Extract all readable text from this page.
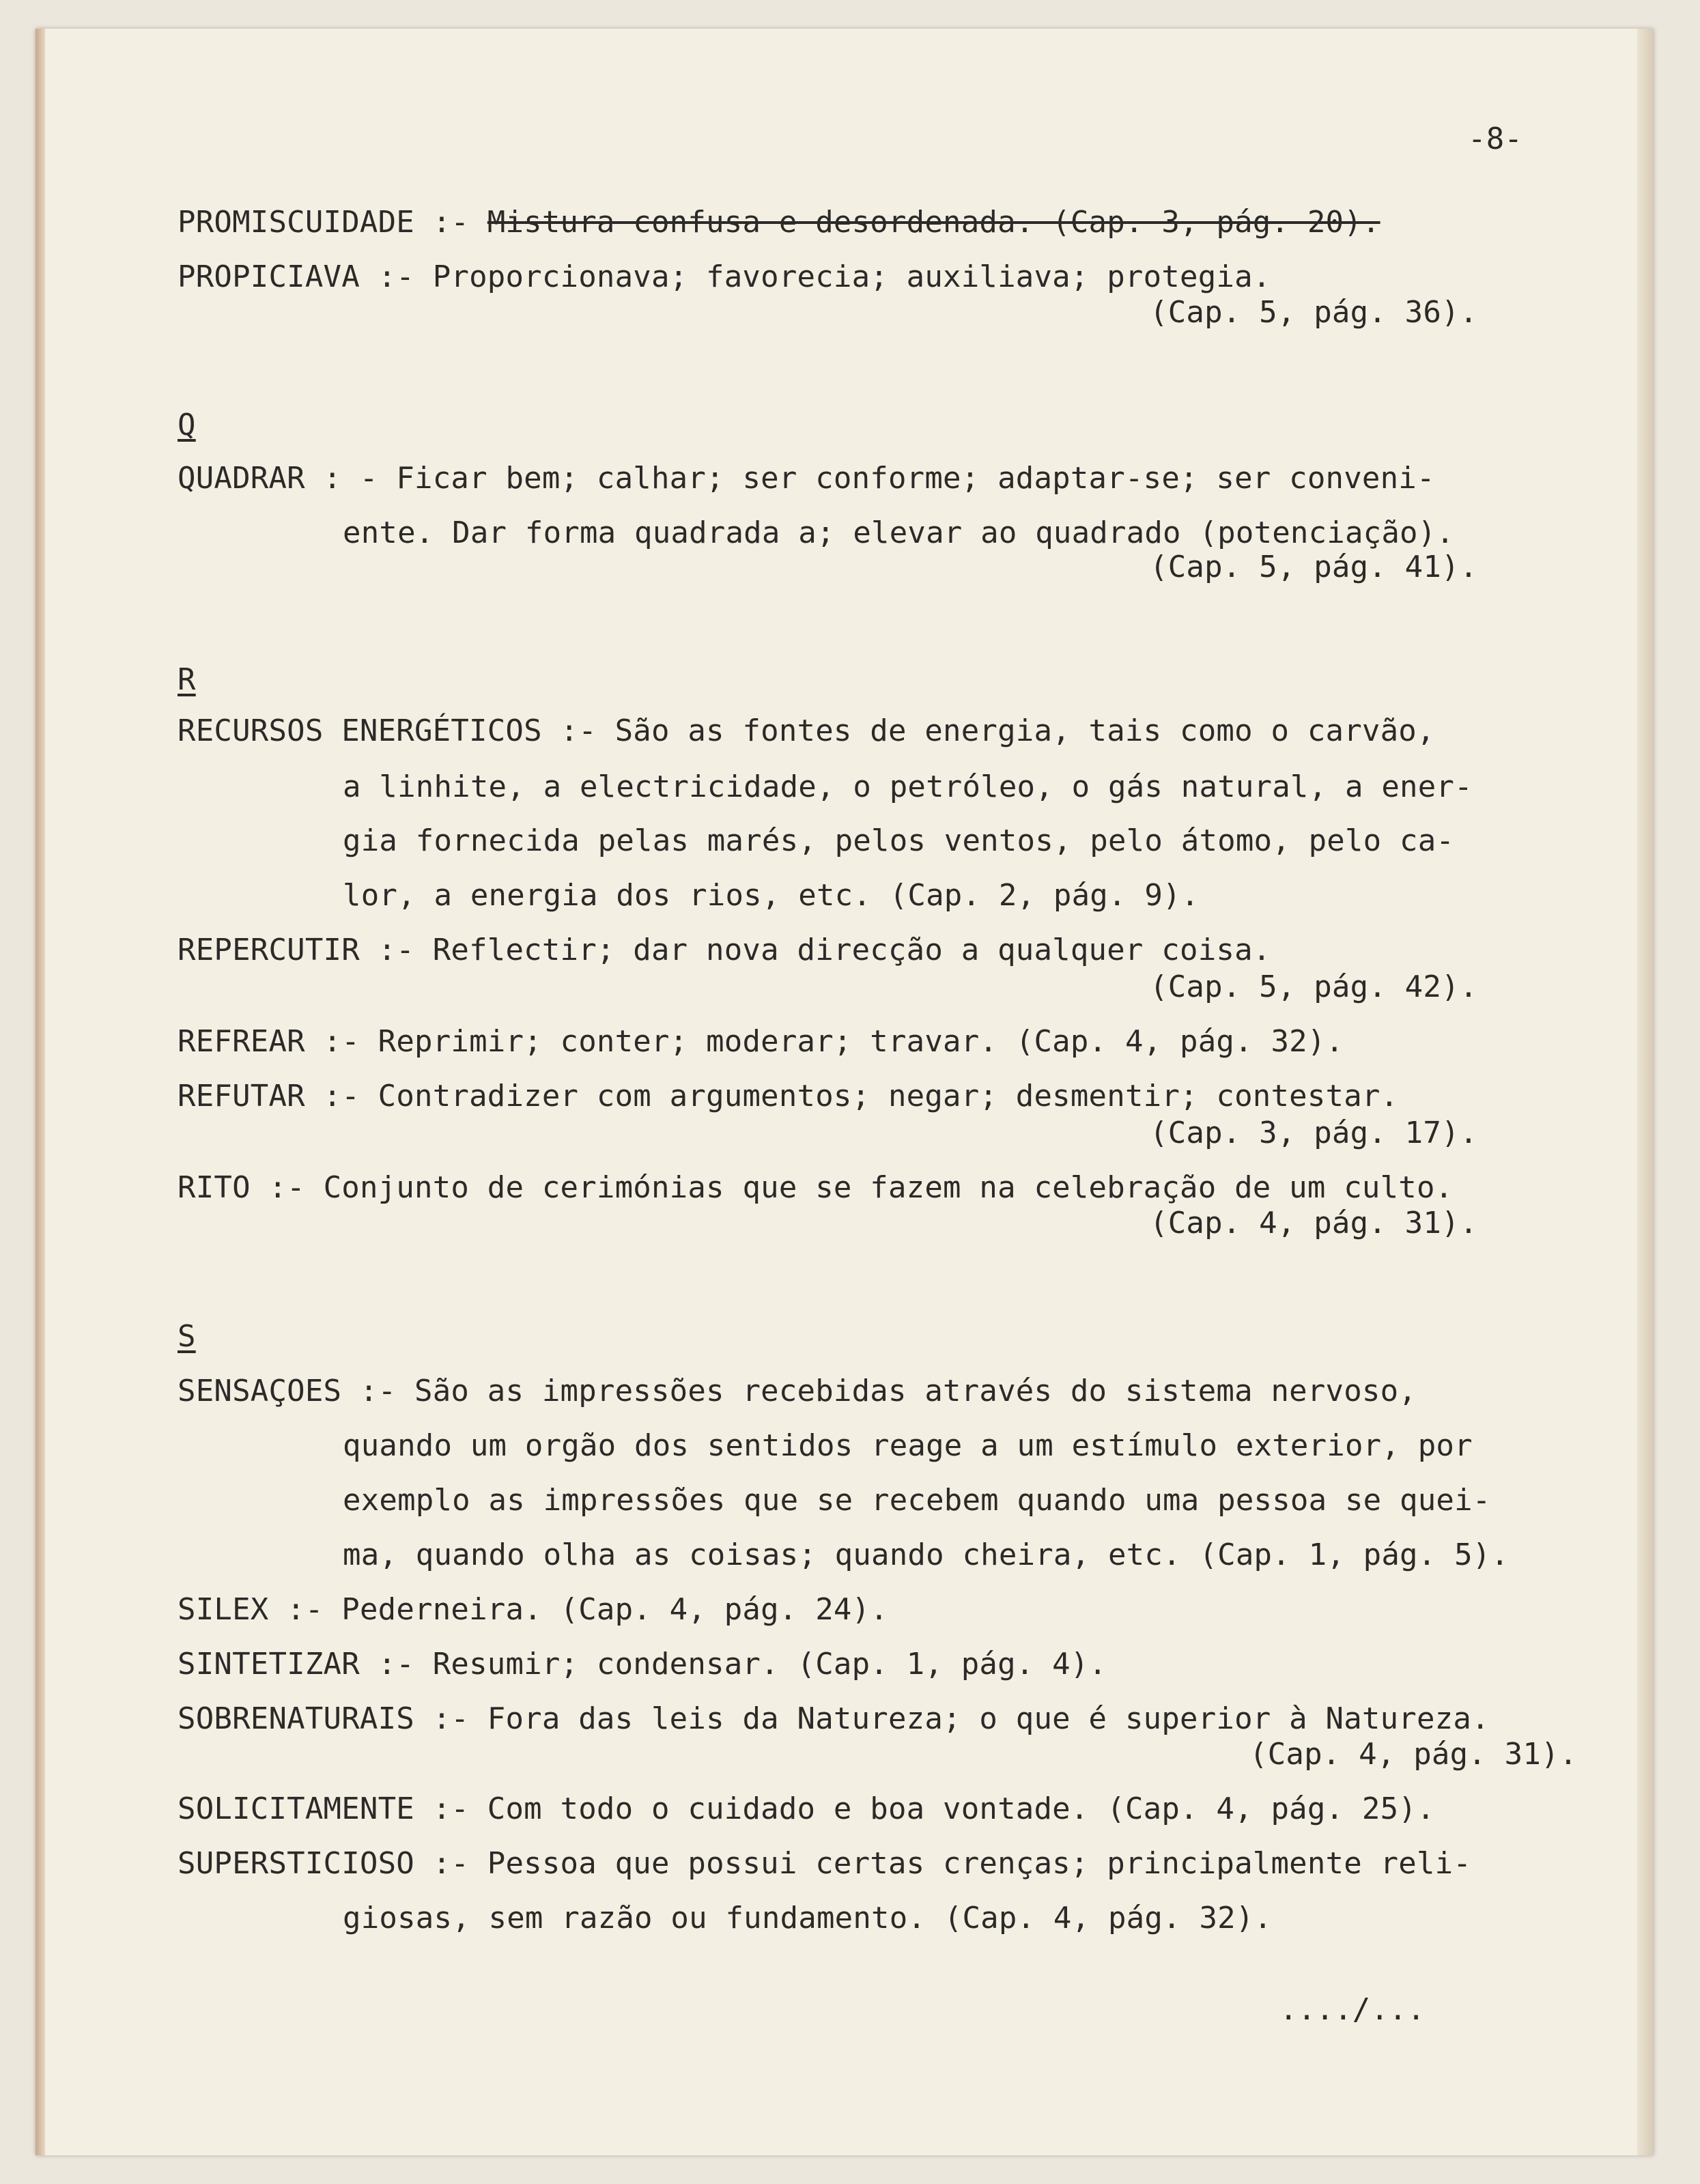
-8-
PROMISCUIDADE :- Mistura confusa e desordenada. (Cap. 3, pág. 20).
PROPICIAVA :- Proporcionava; favorecia; auxiliava; protegia.
(Cap. 5, pág. 36).
Q
QUADRAR : - Ficar bem; calhar; ser conforme; adaptar-se; ser conveni-
ente. Dar forma quadrada a; elevar ao quadrado (potenciação).
(Cap. 5, pág. 41).
R
RECURSOS ENERGÉTICOS :- São as fontes de energia, tais como o carvão,
a linhite, a electricidade, o petróleo, o gás natural, a ener-
gia fornecida pelas marés, pelos ventos, pelo átomo, pelo ca-
lor, a energia dos rios, etc. (Cap. 2, pág. 9).
REPERCUTIR :- Reflectir; dar nova direcção a qualquer coisa.
(Cap. 5, pág. 42).
REFREAR :- Reprimir; conter; moderar; travar. (Cap. 4, pág. 32).
REFUTAR :- Contradizer com argumentos; negar; desmentir; contestar.
(Cap. 3, pág. 17).
RITO :- Conjunto de cerimónias que se fazem na celebração de um culto.
(Cap. 4, pág. 31).
S
SENSAÇOES :- São as impressões recebidas através do sistema nervoso,
quando um orgão dos sentidos reage a um estímulo exterior, por
exemplo as impressões que se recebem quando uma pessoa se quei-
ma, quando olha as coisas; quando cheira, etc. (Cap. 1, pág. 5).
SILEX :- Pederneira. (Cap. 4, pág. 24).
SINTETIZAR :- Resumir; condensar. (Cap. 1, pág. 4).
SOBRENATURAIS :- Fora das leis da Natureza; o que é superior à Natureza.
(Cap. 4, pág. 31).
SOLICITAMENTE :- Com todo o cuidado e boa vontade. (Cap. 4, pág. 25).
SUPERSTICIOSO :- Pessoa que possui certas crenças; principalmente reli-
giosas, sem razão ou fundamento. (Cap. 4, pág. 32).
..../...
